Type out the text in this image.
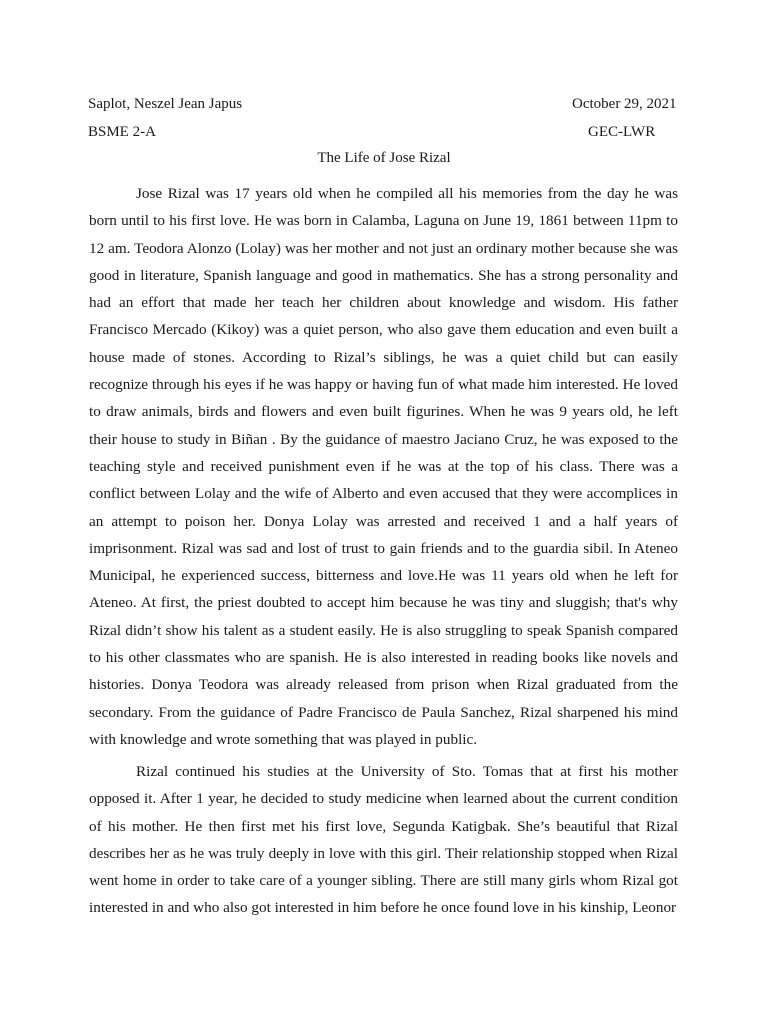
Saplot, Neszel Jean Japus	October 29, 2021
BSME 2-A	GEC-LWR
The Life of Jose Rizal

Jose Rizal was 17 years old when he compiled all his memories from the day he was born until to his first love. He was born in Calamba, Laguna on June 19, 1861 between 11pm to 12 am. Teodora Alonzo (Lolay) was her mother and not just an ordinary mother because she was good in literature, Spanish language and good in mathematics. She has a strong personality and had an effort that made her teach her children about knowledge and wisdom. His father Francisco Mercado (Kikoy) was a quiet person, who also gave them education and even built a house made of stones. According to Rizal’s siblings, he was a quiet child but can easily recognize through his eyes if he was happy or having fun of what made him interested. He loved to draw animals, birds and flowers and even built figurines. When he was 9 years old, he left their house to study in Biñan . By the guidance of maestro Jaciano Cruz, he was exposed to the teaching style and received punishment even if he was at the top of his class. There was a conflict between Lolay and the wife of Alberto and even accused that they were accomplices in an attempt to poison her. Donya Lolay was arrested and received 1 and a half years of imprisonment. Rizal was sad and lost of trust to gain friends and to the guardia sibil. In Ateneo Municipal, he experienced success, bitterness and love.He was 11 years old when he left for Ateneo. At first, the priest doubted to accept him because he was tiny and sluggish; that's why Rizal didn’t show his talent as a student easily. He is also struggling to speak Spanish compared to his other classmates who are spanish. He is also interested in reading books like novels and histories. Donya Teodora was already released from prison when Rizal graduated from the secondary. From the guidance of Padre Francisco de Paula Sanchez, Rizal sharpened his mind with knowledge and wrote something that was played in public.

Rizal continued his studies at the University of Sto. Tomas that at first his mother opposed it. After 1 year, he decided to study medicine when learned about the current condition of his mother. He then first met his first love, Segunda Katigbak. She’s beautiful that Rizal describes her as he was truly deeply in love with this girl. Their relationship stopped when Rizal went home in order to take care of a younger sibling. There are still many girls whom Rizal got interested in and who also got interested in him before he once found love in his kinship, Leonor
